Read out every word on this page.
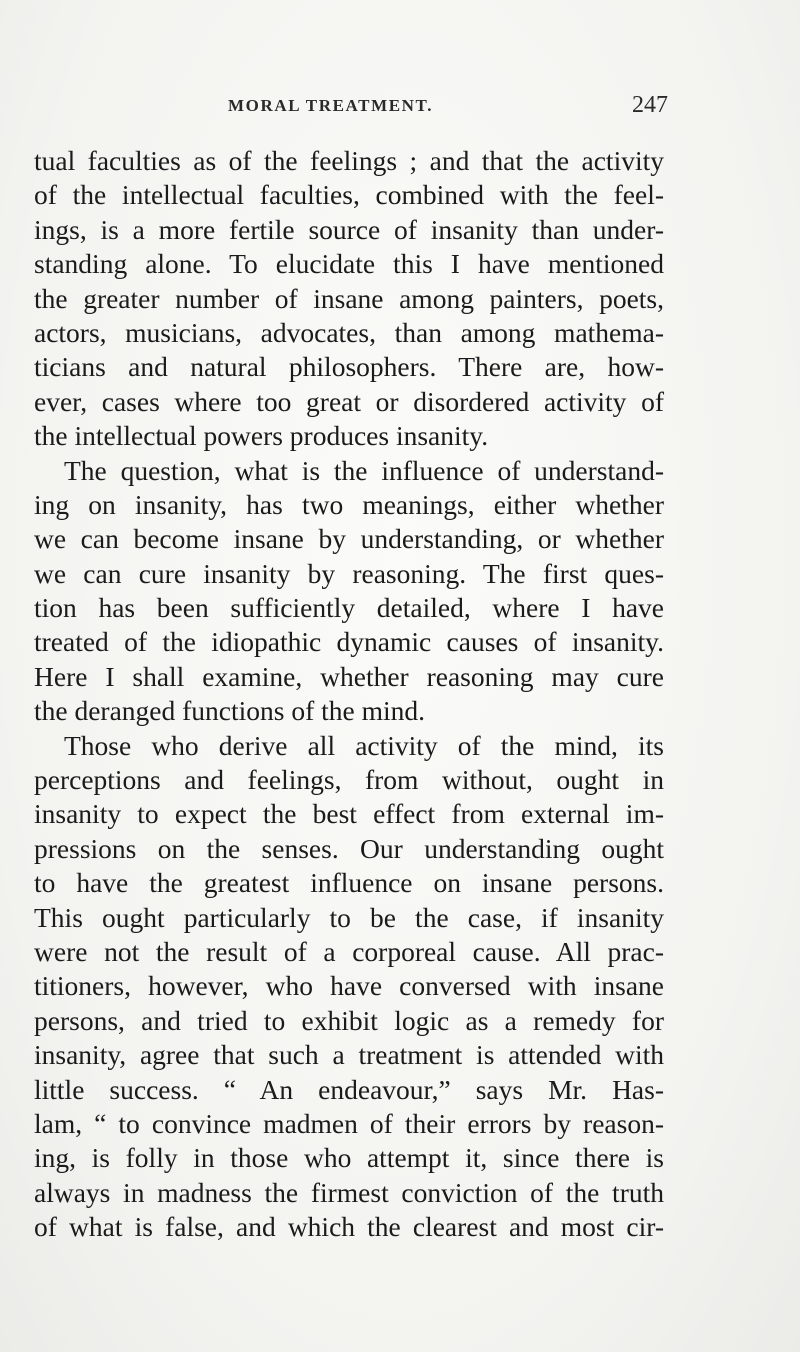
MORAL TREATMENT.	247
tual faculties as of the feelings ; and that the activity
of the intellectual faculties, combined with the feel-
ings, is a more fertile source of insanity than under-
standing alone. To elucidate this I have mentioned
the greater number of insane among painters, poets,
actors, musicians, advocates, than among mathema-
ticians and natural philosophers. There are, how-
ever, cases where too great or disordered activity of
the intellectual powers produces insanity.
The question, what is the influence of understand-
ing on insanity, has two meanings, either whether
we can become insane by understanding, or whether
we can cure insanity by reasoning. The first ques-
tion has been sufficiently detailed, where I have
treated of the idiopathic dynamic causes of insanity.
Here I shall examine, whether reasoning may cure
the deranged functions of the mind.
Those who derive all activity of the mind, its
perceptions and feelings, from without, ought in
insanity to expect the best effect from external im-
pressions on the senses. Our understanding ought
to have the greatest influence on insane persons.
This ought particularly to be the case, if insanity
were not the result of a corporeal cause. All prac-
titioners, however, who have conversed with insane
persons, and tried to exhibit logic as a remedy for
insanity, agree that such a treatment is attended with
little success. “ An endeavour,” says Mr. Has-
lam, “ to convince madmen of their errors by reason-
ing, is folly in those who attempt it, since there is
always in madness the firmest conviction of the truth
of what is false, and which the clearest and most cir-
